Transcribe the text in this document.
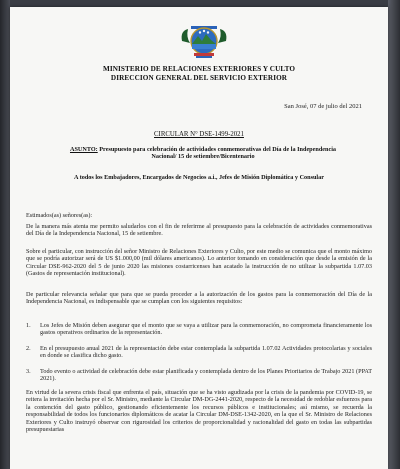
MINISTERIO DE RELACIONES EXTERIORES Y CULTO
DIRECCION GENERAL DEL SERVICIO EXTERIOR
San José, 07 de julio del 2021
CIRCULAR N° DSE-1499-2021
ASUNTO: Presupuesto para celebración de actividades conmemorativas del Día de la Independencia Nacional/ 15 de setiembre/Bicentenario
A todos los Embajadores, Encargados de Negocios a.i., Jefes de Misión Diplomática y Consular
Estimados(as) señores(as):
De la manera más atenta me permito saludarlos con el fin de referirme al presupuesto para la celebración de actividades conmemorativas del Día de la Independencia Nacional, 15 de setiembre.
Sobre el particular, con instrucción del señor Ministro de Relaciones Exteriores y Culto, por este medio se comunica que el monto máximo que se podría autorizar será de US $1.000,00 (mil dólares americanos). Lo anterior tomando en consideración que desde la emisión de la Circular DSE-962-2020 del 5 de junio 2020 las misiones costarricenses han acatado la instrucción de no utilizar la subpartida 1.07.03 (Gastos de representación institucional).
De particular relevancia señalar que para que se pueda proceder a la autorización de los gastos para la conmemoración del Día de la Independencia Nacional, es indispensable que se cumplan con los siguientes requisitos:
1. Los Jefes de Misión deben asegurar que el monto que se vaya a utilizar para la conmemoración, no comprometa financieramente los gastos operativos ordinarios de la representación.
2. En el presupuesto anual 2021 de la representación debe estar contemplada la subpartida 1.07.02 Actividades protocolarias y sociales en donde se clasifica dicho gasto.
3. Todo evento o actividad de celebración debe estar planificada y contemplada dentro de los Planes Prioritarios de Trabajo 2021 (PPAT 2021).
En virtud de la severa crisis fiscal que enfrenta el país, situación que se ha visto agudizada por la crisis de la pandemia por COVID-19, se reitera la invitación hecha por el Sr. Ministro, mediante la Circular DM-DG-2441-2020, respecto de la necesidad de redoblar esfuerzos para la contención del gasto público, gestionando eficientemente los recursos públicos e institucionales; así mismo, se recuerda la responsabilidad de todos los funcionarios diplomáticos de acatar la Circular DM-DSE-1342-2020, en la que el Sr. Ministro de Relaciones Exteriores y Culto instruyó observar con rigurosidad los criterios de proporcionalidad y racionalidad del gasto en todas las subpartidas presupuestarias
